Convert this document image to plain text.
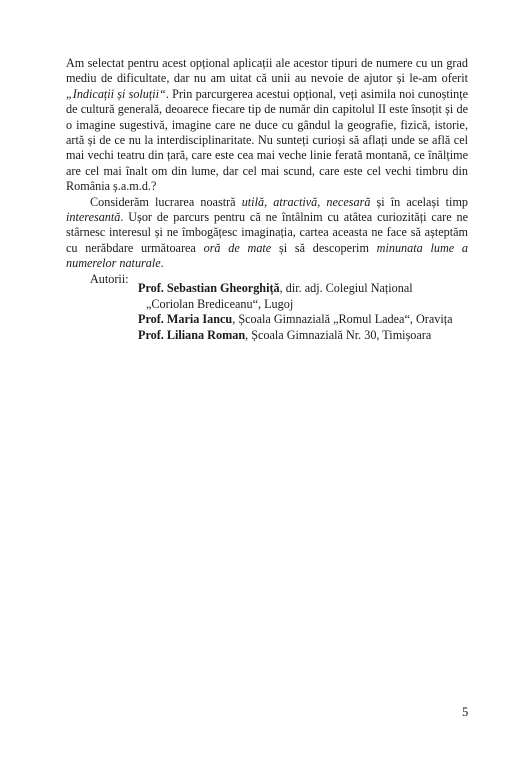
Am selectat pentru acest opțional aplicații ale acestor tipuri de numere cu un grad mediu de dificultate, dar nu am uitat că unii au nevoie de ajutor și le-am oferit „Indicații și soluții“. Prin parcurgerea acestui opțional, veți asimila noi cunoștințe de cultură generală, deoarece fiecare tip de număr din capitolul II este însoțit și de o imagine sugestivă, imagine care ne duce cu gândul la geografie, fizică, istorie, artă și de ce nu la interdisciplinaritate. Nu sunteți curioși să aflați unde se află cel mai vechi teatru din țară, care este cea mai veche linie ferată montană, ce înălțime are cel mai înalt om din lume, dar cel mai scund, care este cel vechi timbru din România ș.a.m.d.?

Considerăm lucrarea noastră utilă, atractivă, necesară și în același timp interesantă. Ușor de parcurs pentru că ne întâlnim cu atâtea curiozități care ne stârnesc interesul și ne îmbogățesc imaginația, cartea aceasta ne face să așteptăm cu nerăbdare următoarea oră de mate și să descoperim minunata lume a numerelor naturale.

Autorii:

Prof. Sebastian Gheorghiță, dir. adj. Colegiul Național
„Coriolan Brediceanu“, Lugoj
Prof. Maria Iancu, Școala Gimnazială „Romul Ladea“, Oravița
Prof. Liliana Roman, Școala Gimnazială Nr. 30, Timișoara
5
